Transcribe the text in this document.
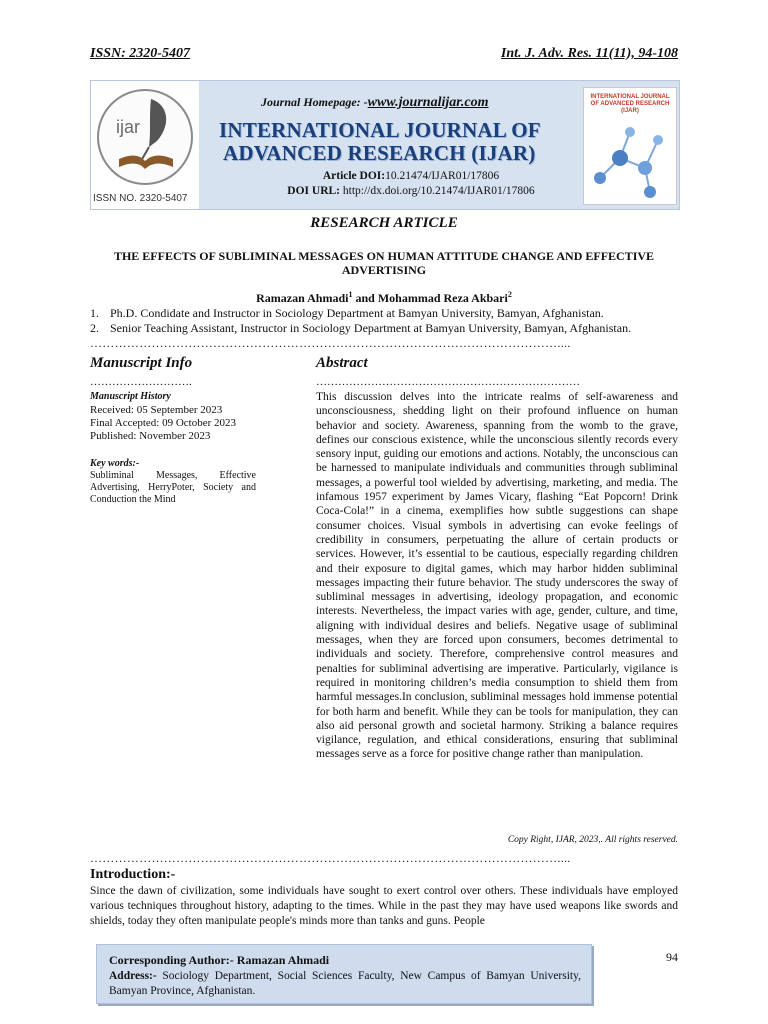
ISSN: 2320-5407	Int. J. Adv. Res. 11(11), 94-108
ijar
ISSN NO. 2320-5407
Journal Homepage: -www.journalijar.com
INTERNATIONAL JOURNAL OF
ADVANCED RESEARCH (IJAR)
Article DOI:10.21474/IJAR01/17806
DOI URL: http://dx.doi.org/10.21474/IJAR01/17806
INTERNATIONAL JOURNAL OF ADVANCED RESEARCH (IJAR)
RESEARCH ARTICLE
THE EFFECTS OF SUBLIMINAL MESSAGES ON HUMAN ATTITUDE CHANGE AND EFFECTIVE
ADVERTISING
Ramazan Ahmadi$^1$ and Mohammad Reza Akbari$^2$
1. Ph.D. Condidate and Instructor in Sociology Department at Bamyan University, Bamyan, Afghanistan.
2. Senior Teaching Assistant, Instructor in Sociology Department at Bamyan University, Bamyan, Afghanistan.
……………………………………………………………………………………………………....
Manuscript Info
……………………….
Manuscript History
Received: 05 September 2023
Final Accepted: 09 October 2023
Published: November 2023
Key words:-
Subliminal Messages, Effective Advertising, HerryPoter, Society and Conduction the Mind
Abstract
………………………………………………………………
This discussion delves into the intricate realms of self-awareness and unconsciousness, shedding light on their profound influence on human behavior and society. Awareness, spanning from the womb to the grave, defines our conscious existence, while the unconscious silently records every sensory input, guiding our emotions and actions. Notably, the unconscious can be harnessed to manipulate individuals and communities through subliminal messages, a powerful tool wielded by advertising, marketing, and media. The infamous 1957 experiment by James Vicary, flashing “Eat Popcorn! Drink Coca-Cola!” in a cinema, exemplifies how subtle suggestions can shape consumer choices. Visual symbols in advertising can evoke feelings of credibility in consumers, perpetuating the allure of certain products or services. However, it’s essential to be cautious, especially regarding children and their exposure to digital games, which may harbor hidden subliminal messages impacting their future behavior. The study underscores the sway of subliminal messages in advertising, ideology propagation, and economic interests. Nevertheless, the impact varies with age, gender, culture, and time, aligning with individual desires and beliefs. Negative usage of subliminal messages, when they are forced upon consumers, becomes detrimental to individuals and society. Therefore, comprehensive control measures and penalties for subliminal advertising are imperative. Particularly, vigilance is required in monitoring children’s media consumption to shield them from harmful messages.In conclusion, subliminal messages hold immense potential for both harm and benefit. While they can be tools for manipulation, they can also aid personal growth and societal harmony. Striking a balance requires vigilance, regulation, and ethical considerations, ensuring that subliminal messages serve as a force for positive change rather than manipulation.
Copy Right, IJAR, 2023,. All rights reserved.
……………………………………………………………………………………………………....
Introduction:-
Since the dawn of civilization, some individuals have sought to exert control over others. These individuals have employed various techniques throughout history, adapting to the times. While in the past they may have used weapons like swords and shields, today they often manipulate people's minds more than tanks and guns. People
Corresponding Author:- Ramazan Ahmadi
Address:- Sociology Department, Social Sciences Faculty, New Campus of Bamyan University, Bamyan Province, Afghanistan.
94
